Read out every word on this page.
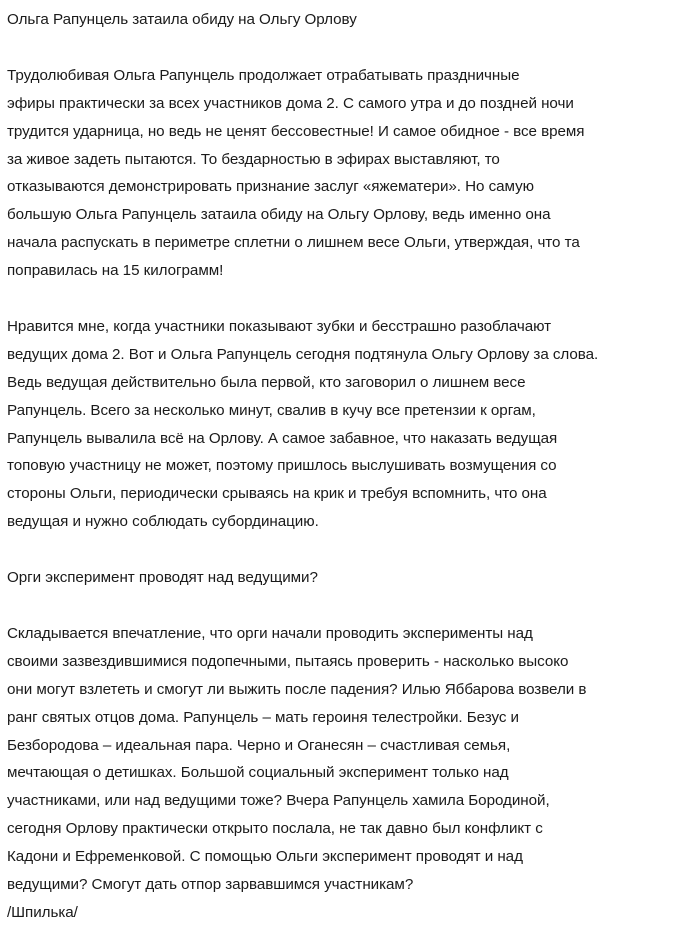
Ольга Рапунцель затаила обиду на Ольгу Орлову
Трудолюбивая Ольга Рапунцель продолжает отрабатывать праздничные
эфиры практически за всех участников дома 2. С самого утра и до поздней ночи
трудится ударница, но ведь не ценят бессовестные! И самое обидное - все время
за живое задеть пытаются. То бездарностью в эфирах выставляют, то
отказываются демонстрировать признание заслуг «яжематери». Но самую
большую Ольга Рапунцель затаила обиду на Ольгу Орлову, ведь именно она
начала распускать в периметре сплетни о лишнем весе Ольги, утверждая, что та
поправилась на 15 килограмм!
Нравится мне, когда участники показывают зубки и бесстрашно разоблачают
ведущих дома 2. Вот и Ольга Рапунцель сегодня подтянула Ольгу Орлову за слова.
Ведь ведущая действительно была первой, кто заговорил о лишнем весе
Рапунцель. Всего за несколько минут, свалив в кучу все претензии к оргам,
Рапунцель вывалила всё на Орлову. А самое забавное, что наказать ведущая
топовую участницу не может, поэтому пришлось выслушивать возмущения со
стороны Ольги, периодически срываясь на крик и требуя вспомнить, что она
ведущая и нужно соблюдать субординацию.
Орги эксперимент проводят над ведущими?
Складывается впечатление, что орги начали проводить эксперименты над
своими зазвездившимися подопечными, пытаясь проверить - насколько высоко
они могут взлететь и смогут ли выжить после падения? Илью Яббарова возвели в
ранг святых отцов дома. Рапунцель – мать героиня телестройки. Безус и
Безбородова – идеальная пара. Черно и Оганесян – счастливая семья,
мечтающая о детишках. Большой социальный эксперимент только над
участниками, или над ведущими тоже? Вчера Рапунцель хамила Бородиной,
сегодня Орлову практически открыто послала, не так давно был конфликт с
Кадони и Ефременковой. С помощью Ольги эксперимент проводят и над
ведущими? Смогут дать отпор зарвавшимся участникам?
/Шпилька/
